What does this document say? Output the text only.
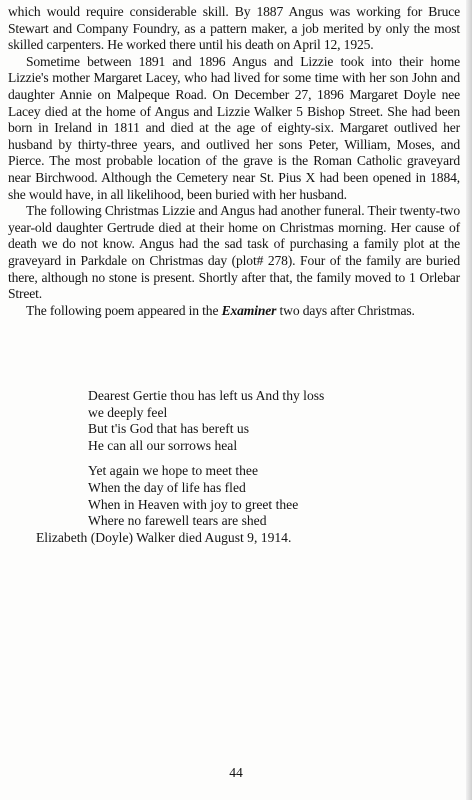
which would require considerable skill. By 1887 Angus was working for Bruce Stewart and Company Foundry, as a pattern maker, a job merited by only the most skilled carpenters. He worked there until his death on April 12, 1925.

Sometime between 1891 and 1896 Angus and Lizzie took into their home Lizzie's mother Margaret Lacey, who had lived for some time with her son John and daughter Annie on Malpeque Road. On December 27, 1896 Margaret Doyle nee Lacey died at the home of Angus and Lizzie Walker 5 Bishop Street. She had been born in Ireland in 1811 and died at the age of eighty-six. Margaret outlived her husband by thirty-three years, and outlived her sons Peter, William, Moses, and Pierce. The most probable location of the grave is the Roman Catholic graveyard near Birchwood. Although the Cemetery near St. Pius X had been opened in 1884, she would have, in all likelihood, been buried with her husband.

The following Christmas Lizzie and Angus had another funeral. Their twenty-two year-old daughter Gertrude died at their home on Christmas morning. Her cause of death we do not know. Angus had the sad task of purchasing a family plot at the graveyard in Parkdale on Christmas day (plot# 278). Four of the family are buried there, although no stone is present. Shortly after that, the family moved to 1 Orlebar Street.

The following poem appeared in the Examiner two days after Christmas.

Dearest Gertie thou has left us And thy loss
we deeply feel
But t'is God that has bereft us
He can all our sorrows heal
Yet again we hope to meet thee
When the day of life has fled
When in Heaven with joy to greet thee
Where no farewell tears are shed
Elizabeth (Doyle) Walker died August 9, 1914.
44
